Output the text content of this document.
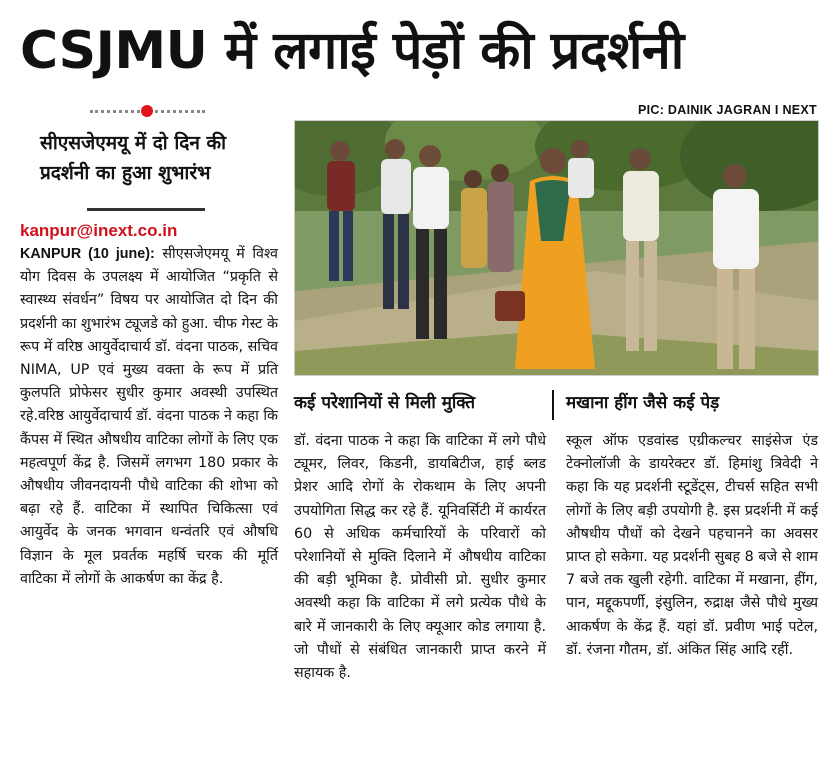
CSJMU में लगाई पेड़ों की प्रदर्शनी
PIC: DAINIK JAGRAN I NEXT
सीएसजेएमयू में दो दिन की प्रदर्शनी का हुआ शुभारंभ
kanpur@inext.co.in
KANPUR (10 june): सीएसजेएमयू में विश्व योग दिवस के उपलक्ष्य में आयोजित “प्रकृति से स्वास्थ्य संवर्धन” विषय पर आयोजित दो दिन की प्रदर्शनी का शुभारंभ ट्यूजडे को हुआ. चीफ गेस्ट के रूप में वरिष्ठ आयुर्वेदाचार्य डॉ. वंदना पाठक, सचिव NIMA, UP एवं मुख्य वक्ता के रूप में प्रति कुलपति प्रोफेसर सुधीर कुमार अवस्थी उपस्थित रहे.वरिष्ठ आयुर्वेदाचार्य डॉ. वंदना पाठक ने कहा कि कैंपस में स्थित औषधीय वाटिका लोगों के लिए एक महत्वपूर्ण केंद्र है. जिसमें लगभग 180 प्रकार के औषधीय जीवनदायनी पौधे वाटिका की शोभा को बढ़ा रहे हैं. वाटिका में स्थापित चिकित्सा एवं आयुर्वेद के जनक भगवान धन्वंतरि एवं औषधि विज्ञान के मूल प्रवर्तक महर्षि चरक की मूर्ति वाटिका में लोगों के आकर्षण का केंद्र है.
कई परेशानियों से मिली मुक्ति
डॉ. वंदना पाठक ने कहा कि वाटिका में लगे पौधे ट्यूमर, लिवर, किडनी, डायबिटीज, हाई ब्लड प्रेशर आदि रोगों के रोकथाम के लिए अपनी उपयोगिता सिद्ध कर रहे हैं. यूनिवर्सिटी में कार्यरत 60 से अधिक कर्मचारियों के परिवारों को परेशानियों से मुक्ति दिलाने में औषधीय वाटिका की बड़ी भूमिका है. प्रोवीसी प्रो. सुधीर कुमार अवस्थी कहा कि वाटिका में लगे प्रत्येक पौधे के बारे में जानकारी के लिए क्यूआर कोड लगाया है. जो पौधों से संबंधित जानकारी प्राप्त करने में सहायक है.
मखाना हींग जैसे कई पेड़
स्कूल ऑफ एडवांस्ड एग्रीकल्चर साइंसेज एंड टेक्नोलॉजी के डायरेक्टर डॉ. हिमांशु त्रिवेदी ने कहा कि यह प्रदर्शनी स्टूडेंट्स, टीचर्स सहित सभी लोगों के लिए बड़ी उपयोगी है. इस प्रदर्शनी में कई औषधीय पौधों को देखने पहचानने का अवसर प्राप्त हो सकेगा. यह प्रदर्शनी सुबह 8 बजे से शाम 7 बजे तक खुली रहेगी. वाटिका में मखाना, हींग, पान, मद्दूकपर्णी, इंसुलिन, रुद्राक्ष जैसे पौधे मुख्य आकर्षण के केंद्र हैं. यहां डॉ. प्रवीण भाई पटेल, डॉ. रंजना गौतम, डॉ. अंकित सिंह आदि रहीं.
